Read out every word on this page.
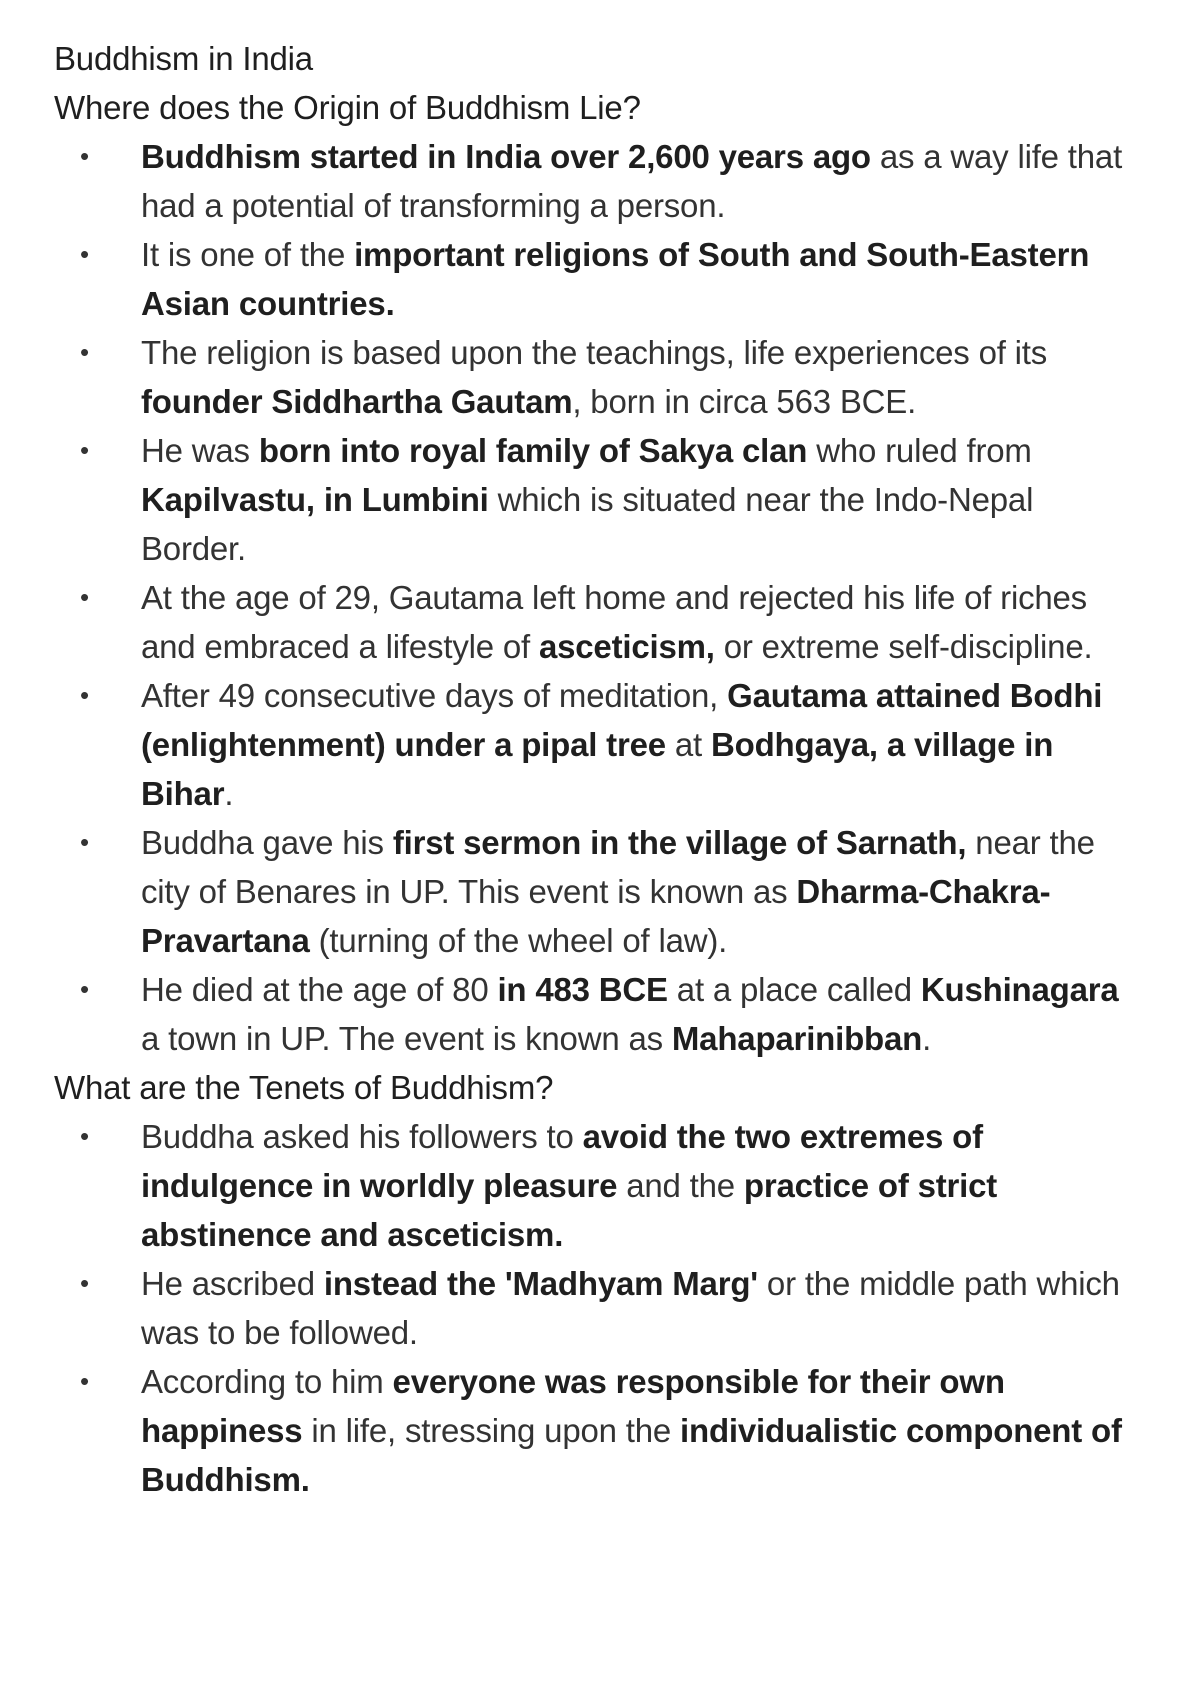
Buddhism in India
Where does the Origin of Buddhism Lie?
• Buddhism started in India over 2,600 years ago as a way life that had a potential of transforming a person.
• It is one of the important religions of South and South-Eastern Asian countries.
• The religion is based upon the teachings, life experiences of its founder Siddhartha Gautam, born in circa 563 BCE.
• He was born into royal family of Sakya clan who ruled from Kapilvastu, in Lumbini which is situated near the Indo-Nepal Border.
• At the age of 29, Gautama left home and rejected his life of riches and embraced a lifestyle of asceticism, or extreme self-discipline.
• After 49 consecutive days of meditation, Gautama attained Bodhi (enlightenment) under a pipal tree at Bodhgaya, a village in Bihar.
• Buddha gave his first sermon in the village of Sarnath, near the city of Benares in UP. This event is known as Dharma-Chakra-Pravartana (turning of the wheel of law).
• He died at the age of 80 in 483 BCE at a place called Kushinagara a town in UP. The event is known as Mahaparinibban.
What are the Tenets of Buddhism?
• Buddha asked his followers to avoid the two extremes of indulgence in worldly pleasure and the practice of strict abstinence and asceticism.
• He ascribed instead the 'Madhyam Marg' or the middle path which was to be followed.
• According to him everyone was responsible for their own happiness in life, stressing upon the individualistic component of Buddhism.
